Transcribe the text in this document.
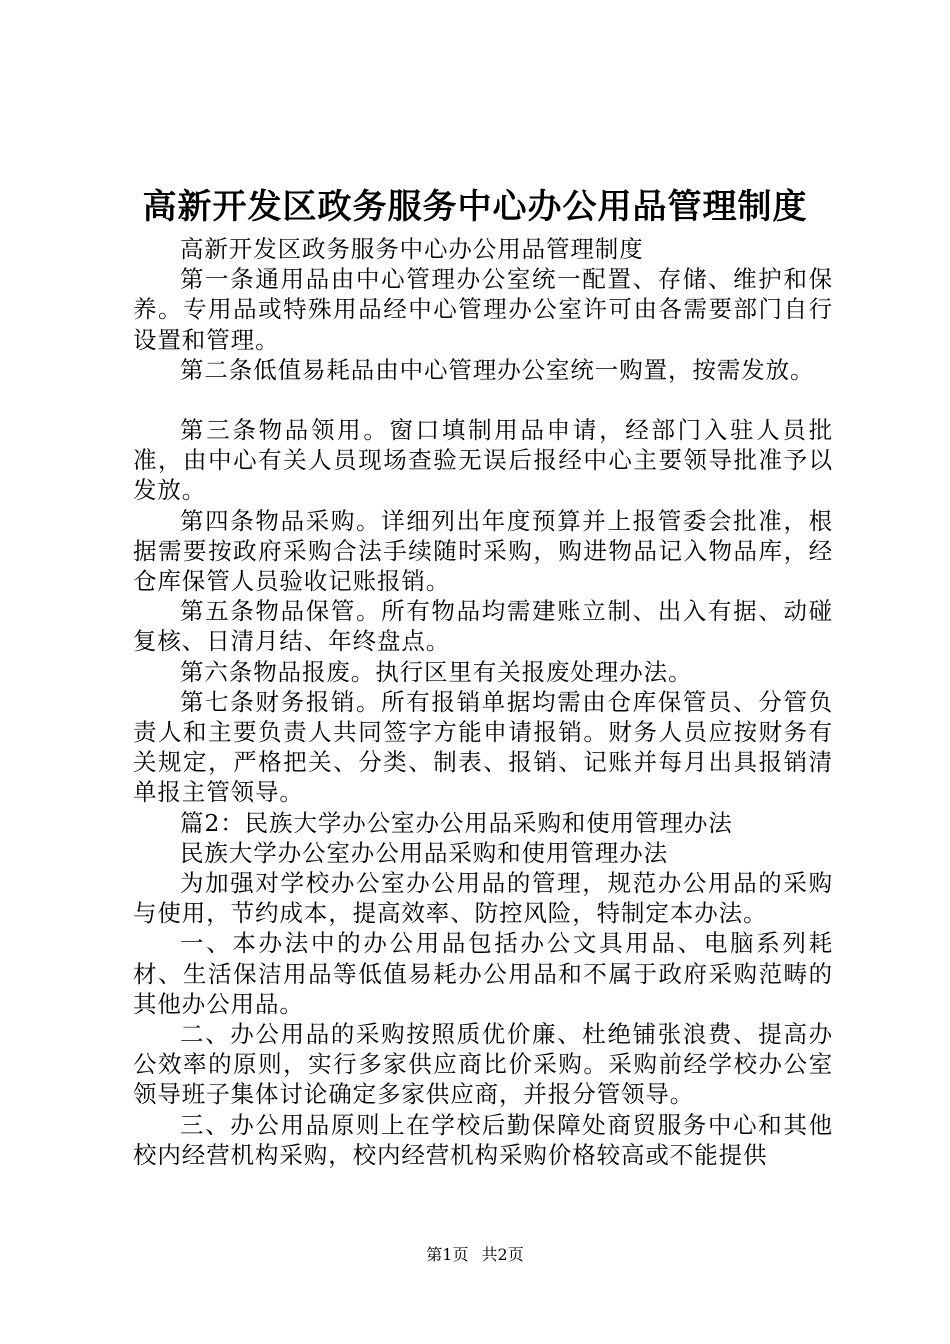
高新开发区政务服务中心办公用品管理制度

高新开发区政务服务中心办公用品管理制度

第一条通用品由中心管理办公室统一配置、存储、维护和保养。专用品或特殊用品经中心管理办公室许可由各需要部门自行设置和管理。

第二条低值易耗品由中心管理办公室统一购置，按需发放。

第三条物品领用。窗口填制用品申请，经部门入驻人员批准，由中心有关人员现场查验无误后报经中心主要领导批准予以发放。

第四条物品采购。详细列出年度预算并上报管委会批准，根据需要按政府采购合法手续随时采购，购进物品记入物品库，经仓库保管人员验收记账报销。

第五条物品保管。所有物品均需建账立制、出入有据、动碰复核、日清月结、年终盘点。

第六条物品报废。执行区里有关报废处理办法。

第七条财务报销。所有报销单据均需由仓库保管员、分管负责人和主要负责人共同签字方能申请报销。财务人员应按财务有关规定，严格把关、分类、制表、报销、记账并每月出具报销清单报主管领导。

篇2：民族大学办公室办公用品采购和使用管理办法

民族大学办公室办公用品采购和使用管理办法

为加强对学校办公室办公用品的管理，规范办公用品的采购与使用，节约成本，提高效率、防控风险，特制定本办法。

一、本办法中的办公用品包括办公文具用品、电脑系列耗材、生活保洁用品等低值易耗办公用品和不属于政府采购范畴的其他办公用品。

二、办公用品的采购按照质优价廉、杜绝铺张浪费、提高办公效率的原则，实行多家供应商比价采购。采购前经学校办公室领导班子集体讨论确定多家供应商，并报分管领导。

三、办公用品原则上在学校后勤保障处商贸服务中心和其他校内经营机构采购，校内经营机构采购价格较高或不能提供

第1页 共2页
